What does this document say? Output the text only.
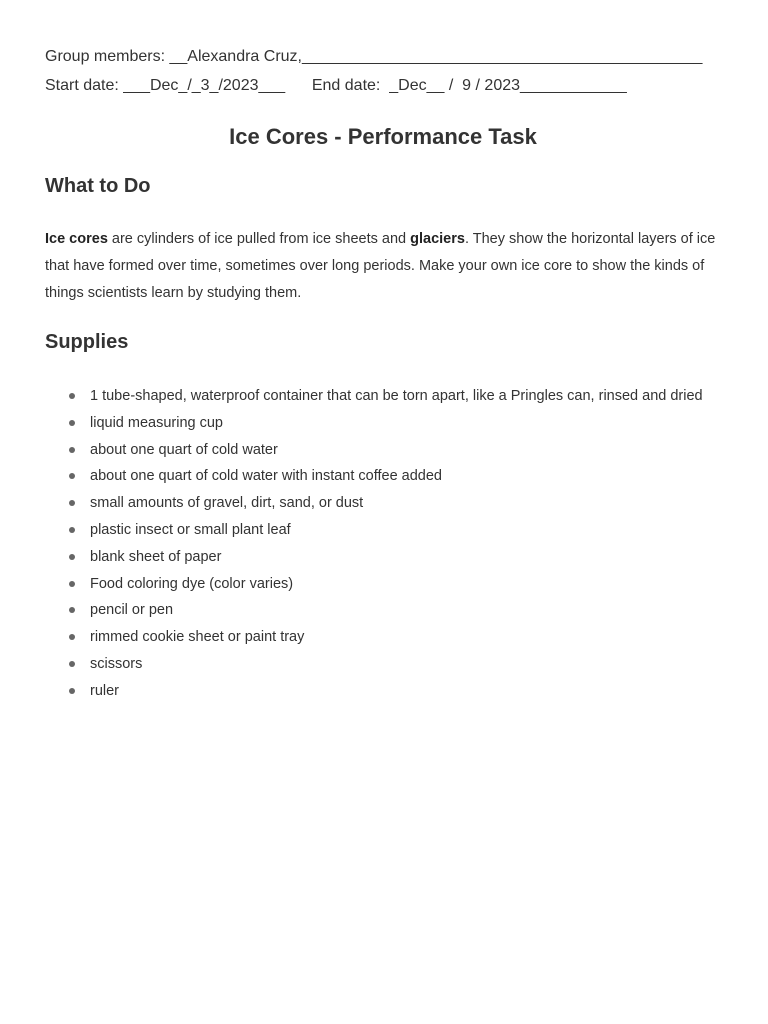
Group members: __Alexandra Cruz,_____________________________________________
Start date: ___Dec_/_3_/2023___      End date:  _Dec__ /  9 / 2023____________
Ice Cores - Performance Task
What to Do
Ice cores are cylinders of ice pulled from ice sheets and glaciers. They show the horizontal layers of ice that have formed over time, sometimes over long periods. Make your own ice core to show the kinds of things scientists learn by studying them.
Supplies
1 tube-shaped, waterproof container that can be torn apart, like a Pringles can, rinsed and dried
liquid measuring cup
about one quart of cold water
about one quart of cold water with instant coffee added
small amounts of gravel, dirt, sand, or dust
plastic insect or small plant leaf
blank sheet of paper
Food coloring dye (color varies)
pencil or pen
rimmed cookie sheet or paint tray
scissors
ruler
